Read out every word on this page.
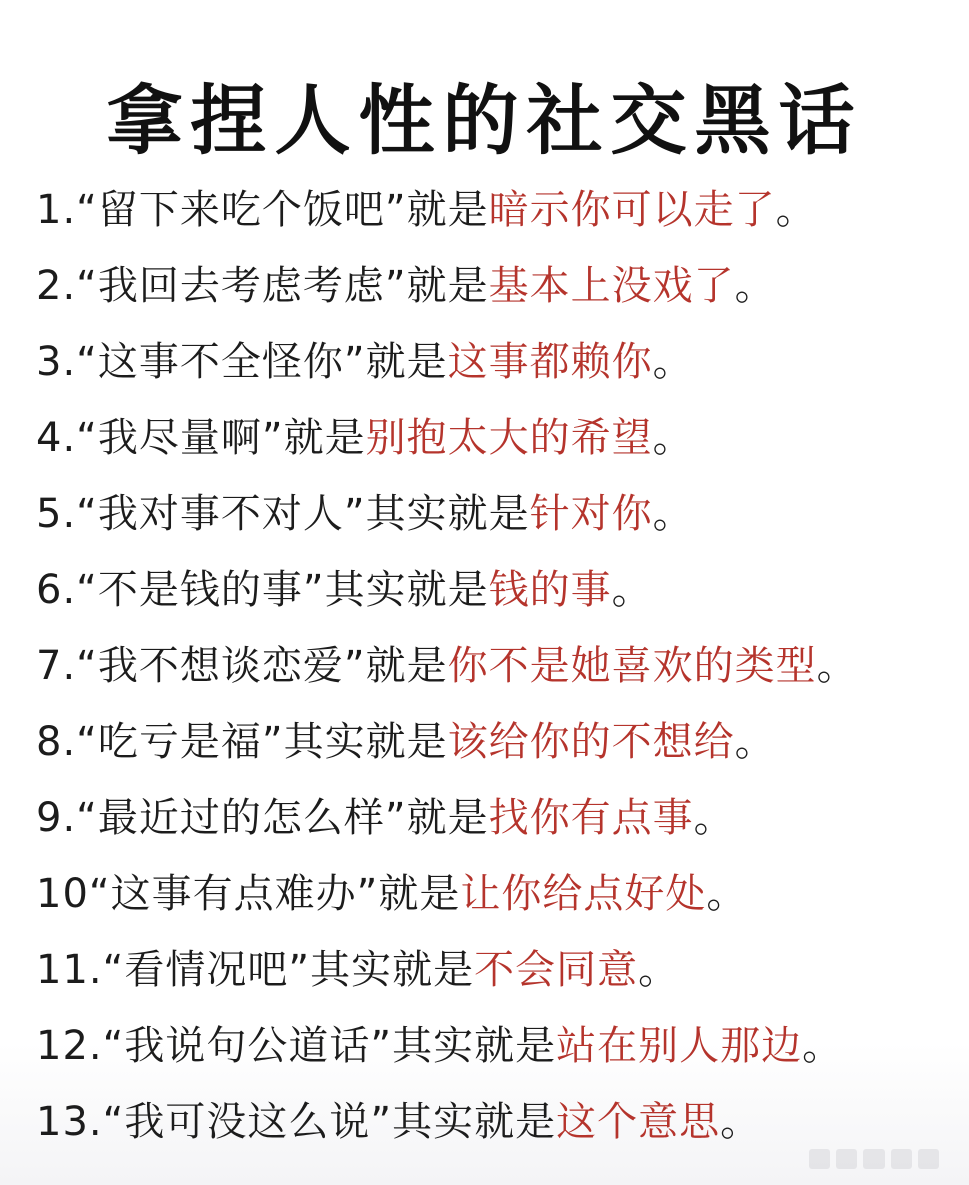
拿捏人性的社交黑话
1.“留下来吃个饭吧”就是暗示你可以走了。
2.“我回去考虑考虑”就是基本上没戏了。
3.“这事不全怪你”就是这事都赖你。
4.“我尽量啊”就是别抱太大的希望。
5.“我对事不对人”其实就是针对你。
6.“不是钱的事”其实就是钱的事。
7.“我不想谈恋爱”就是你不是她喜欢的类型。
8.“吃亏是福”其实就是该给你的不想给。
9.“最近过的怎么样”就是找你有点事。
10“这事有点难办”就是让你给点好处。
11.“看情况吧”其实就是不会同意。
12.“我说句公道话”其实就是站在别人那边。
13.“我可没这么说”其实就是这个意思。
